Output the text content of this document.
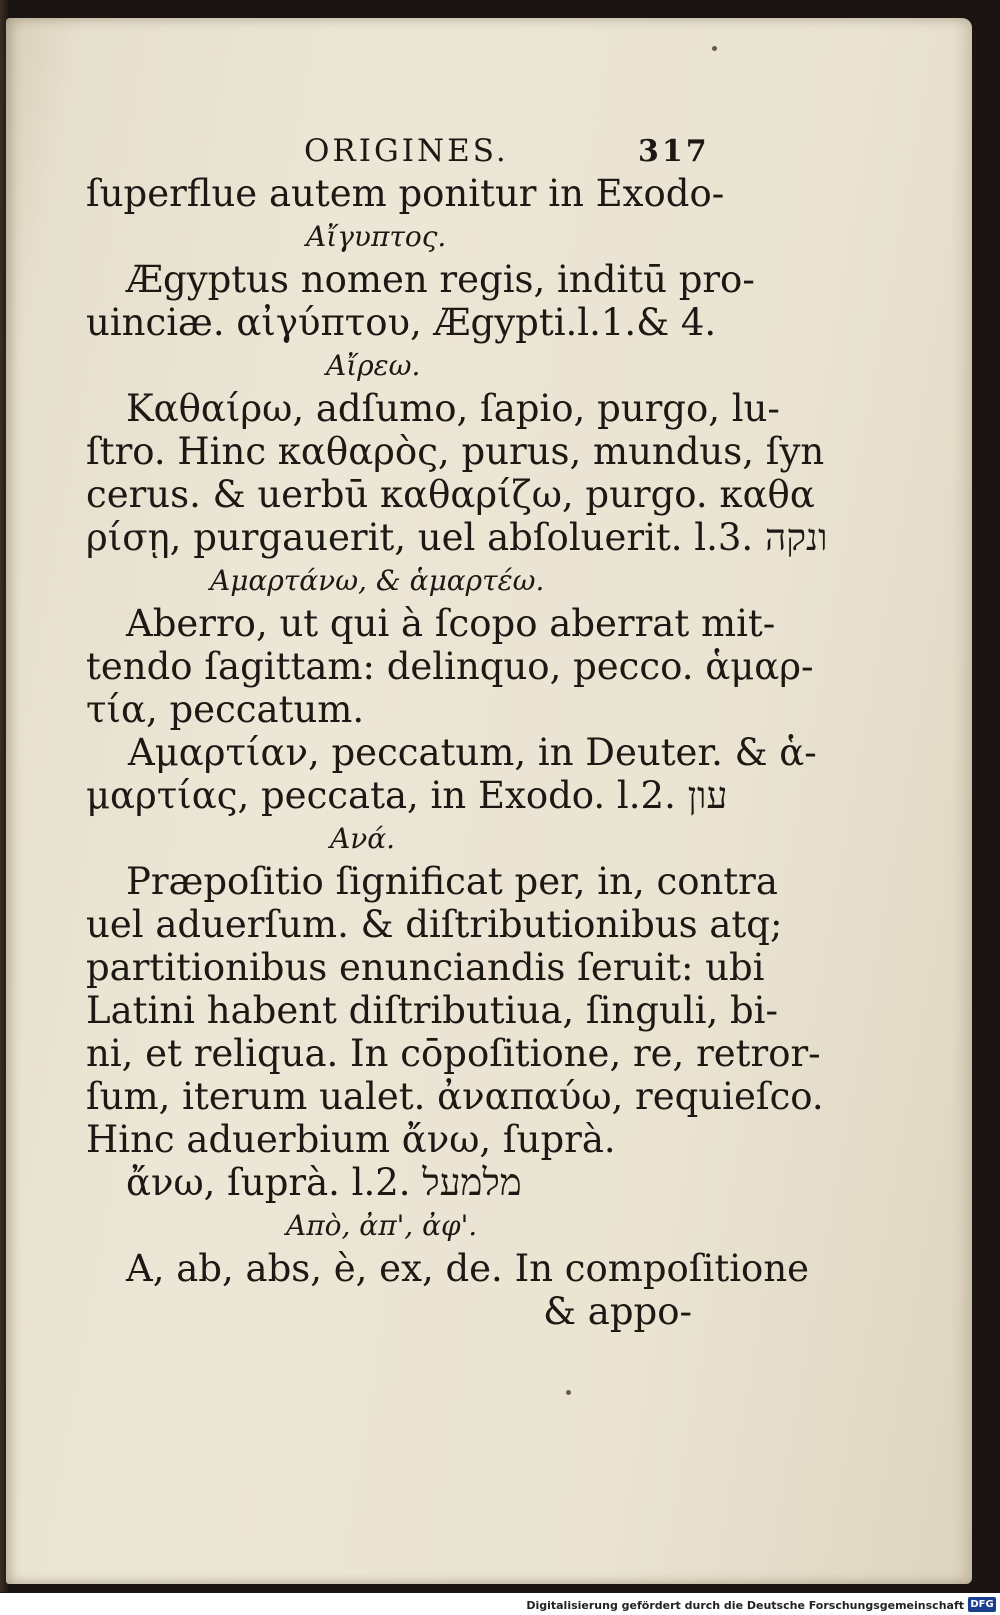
ORIGINES.	317
ſuperflue autem ponitur in Exodo-
Αἴγυπτος.
Ægyptus nomen regis, inditū pro-
uinciæ. αἰγύπτου, Ægypti.l.1.& 4.
Αἴρεω.
Καθαίρω, adſumo, ſapio, purgo, lu-
ſtro. Hinc καθαρὸς, purus, mundus, ſyn
cerus. & uerbū καθαρίζω, purgo. καθα
ρίσῃ, purgauerit, uel abſoluerit. l.3. ונקה
Αμαρτάνω, & ἁμαρτέω.
Aberro, ut qui à ſcopo aberrat mit-
tendo ſagittam: delinquo, pecco. ἁμαρ-
τία, peccatum.
Αμαρτίαν, peccatum, in Deuter. & ἁ-
μαρτίας, peccata, in Exodo. l.2. עון
Ανά.
Præpoſitio ſignificat per, in, contra
uel aduerſum. & diſtributionibus atq;
partitionibus enunciandis ſeruit: ubi
Latini habent diſtributiua, ſinguli, bi-
ni, et reliqua. In cōpoſitione, re, retror-
ſum, iterum ualet. ἀναπαύω, requieſco.
Hinc aduerbium ἄνω, ſuprà.
ἄνω, ſuprà. l.2. מלמעל
Απὸ, ἀπ', ἀφ'.
A, ab, abs, è, ex, de. In compoſitione
& appo-
Digitalisierung gefördert durch die Deutsche Forschungsgemeinschaft DFG
